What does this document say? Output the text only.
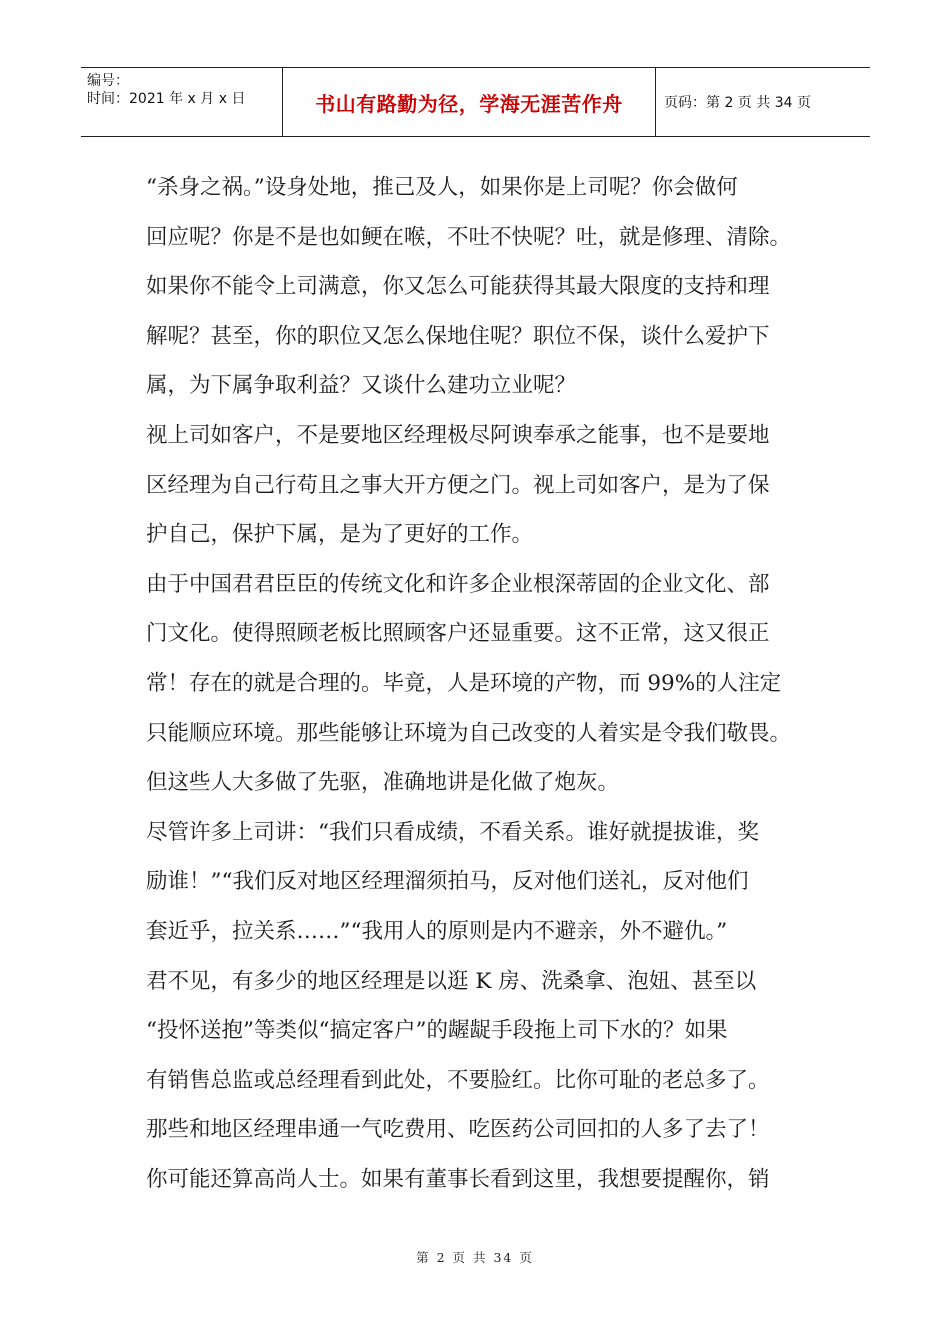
编号：
时间：2021 年 x 月 x 日	书山有路勤为径，学海无涯苦作舟	页码：第 2 页 共 34 页
“杀身之祸。”设身处地，推己及人，如果你是上司呢？你会做何
回应呢？你是不是也如鲠在喉，不吐不快呢？吐，就是修理、清除。
如果你不能令上司满意，你又怎么可能获得其最大限度的支持和理
解呢？甚至，你的职位又怎么保地住呢？职位不保，谈什么爱护下
属，为下属争取利益？又谈什么建功立业呢？
视上司如客户，不是要地区经理极尽阿谀奉承之能事，也不是要地
区经理为自己行苟且之事大开方便之门。视上司如客户，是为了保
护自己，保护下属，是为了更好的工作。
由于中国君君臣臣的传统文化和许多企业根深蒂固的企业文化、部
门文化。使得照顾老板比照顾客户还显重要。这不正常，这又很正
常！存在的就是合理的。毕竟，人是环境的产物，而 99%的人注定
只能顺应环境。那些能够让环境为自己改变的人着实是令我们敬畏。
但这些人大多做了先驱，准确地讲是化做了炮灰。
尽管许多上司讲：“我们只看成绩，不看关系。谁好就提拔谁，奖
励谁！”“我们反对地区经理溜须拍马，反对他们送礼，反对他们
套近乎，拉关系……”“我用人的原则是内不避亲，外不避仇。”
君不见，有多少的地区经理是以逛 K 房、洗桑拿、泡妞、甚至以
“投怀送抱”等类似“搞定客户”的龌龊手段拖上司下水的？如果
有销售总监或总经理看到此处，不要脸红。比你可耻的老总多了。
那些和地区经理串通一气吃费用、吃医药公司回扣的人多了去了！
你可能还算高尚人士。如果有董事长看到这里，我想要提醒你，销
第 2 页 共 34 页
